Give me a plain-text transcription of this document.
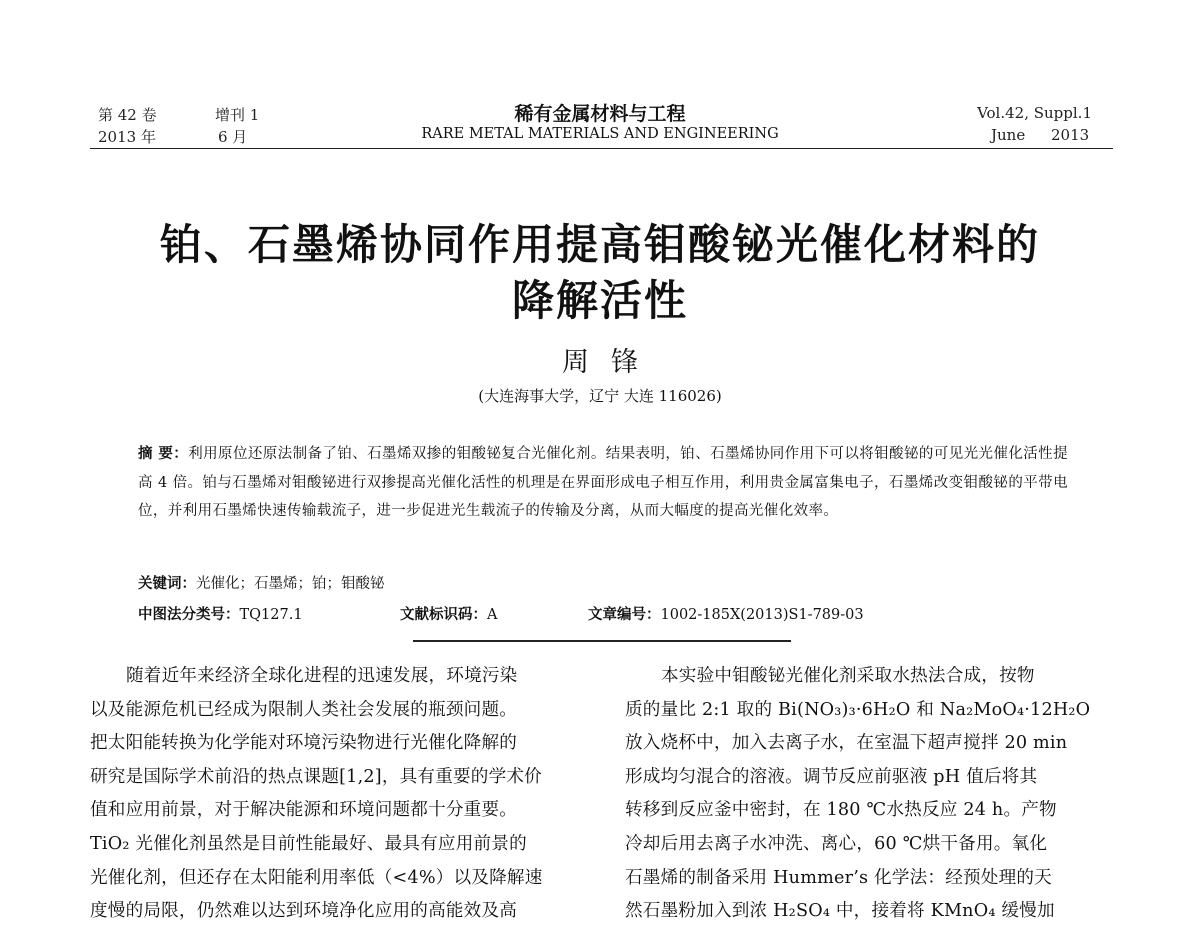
第 42 卷	增刊 1
2013 年	6 月
稀有金属材料与工程
RARE METAL MATERIALS AND ENGINEERING
Vol.42, Suppl.1
June 2013
铂、石墨烯协同作用提高钼酸铋光催化材料的
降解活性
周锋
(大连海事大学，辽宁 大连 116026)
摘 要：利用原位还原法制备了铂、石墨烯双掺的钼酸铋复合光催化剂。结果表明，铂、石墨烯协同作用下可以将钼酸铋的可见光光催化活性提高 4 倍。铂与石墨烯对钼酸铋进行双掺提高光催化活性的机理是在界面形成电子相互作用，利用贵金属富集电子，石墨烯改变钼酸铋的平带电位，并利用石墨烯快速传输载流子，进一步促进光生载流子的传输及分离，从而大幅度的提高光催化效率。
关键词：光催化；石墨烯；铂；钼酸铋
中图法分类号：TQ127.1	文献标识码：A	文章编号：1002-185X(2013)S1-789-03
随着近年来经济全球化进程的迅速发展，环境污染
以及能源危机已经成为限制人类社会发展的瓶颈问题。
把太阳能转换为化学能对环境污染物进行光催化降解的
研究是国际学术前沿的热点课题[1,2]，具有重要的学术价
值和应用前景，对于解决能源和环境问题都十分重要。
TiO₂ 光催化剂虽然是目前性能最好、最具有应用前景的
光催化剂，但还存在太阳能利用率低（<4%）以及降解速
度慢的局限，仍然难以达到环境净化应用的高能效及高
本实验中钼酸铋光催化剂采取水热法合成，按物
质的量比 2:1 取的 Bi(NO₃)₃·6H₂O 和 Na₂MoO₄·12H₂O
放入烧杯中，加入去离子水，在室温下超声搅拌 20 min
形成均匀混合的溶液。调节反应前驱液 pH 值后将其
转移到反应釜中密封，在 180 ℃水热反应 24 h。产物
冷却后用去离子水冲洗、离心，60 ℃烘干备用。氧化
石墨烯的制备采用 Hummer’s 化学法：经预处理的天
然石墨粉加入到浓 H₂SO₄ 中，接着将 KMnO₄ 缓慢加
